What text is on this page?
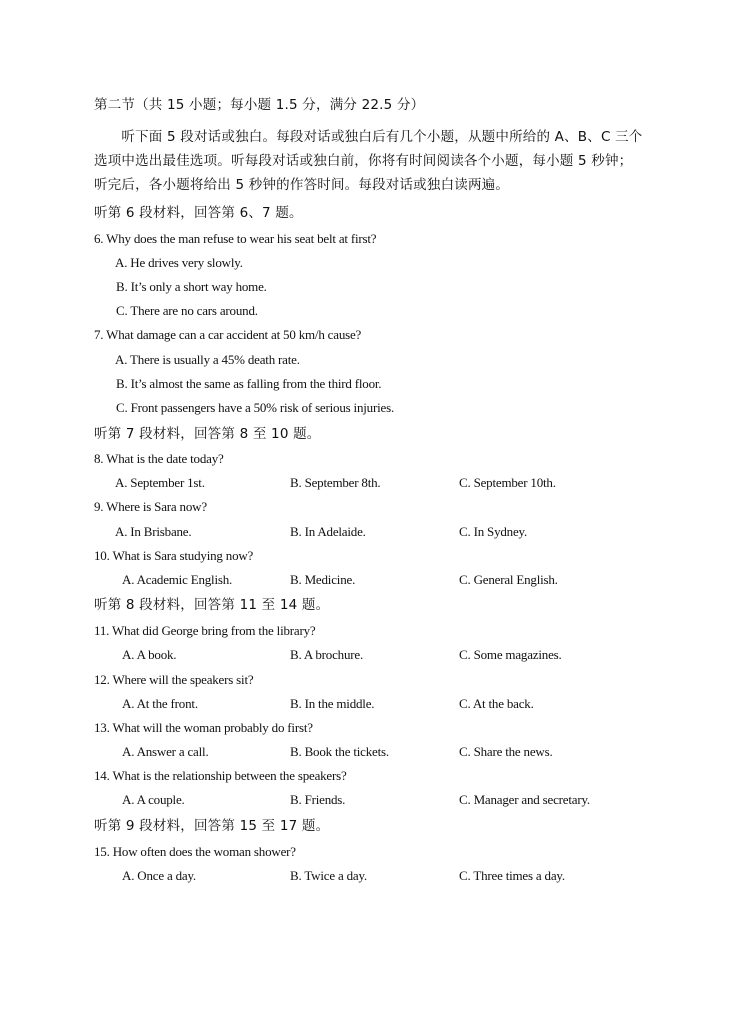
第二节（共 15 小题；每小题 1.5 分，满分 22.5 分）
　　听下面 5 段对话或独白。每段对话或独白后有几个小题，从题中所给的 A、B、C 三个
选项中选出最佳选项。听每段对话或独白前，你将有时间阅读各个小题，每小题 5 秒钟；
听完后，各小题将给出 5 秒钟的作答时间。每段对话或独白读两遍。
听第 6 段材料，回答第 6、7 题。
6. Why does the man refuse to wear his seat belt at first?
A. He drives very slowly.
B. It’s only a short way home.
C. There are no cars around.
7. What damage can a car accident at 50 km/h cause?
A. There is usually a 45% death rate.
B. It’s almost the same as falling from the third floor.
C. Front passengers have a 50% risk of serious injuries.
听第 7 段材料，回答第 8 至 10 题。
8. What is the date today?
A. September 1st.	B. September 8th.	C. September 10th.
9. Where is Sara now?
A. In Brisbane.	B. In Adelaide.	C. In Sydney.
10. What is Sara studying now?
A. Academic English.	B. Medicine.	C. General English.
听第 8 段材料，回答第 11 至 14 题。
11. What did George bring from the library?
A. A book.	B. A brochure.	C. Some magazines.
12. Where will the speakers sit?
A. At the front.	B. In the middle.	C. At the back.
13. What will the woman probably do first?
A. Answer a call.	B. Book the tickets.	C. Share the news.
14. What is the relationship between the speakers?
A. A couple.	B. Friends.	C. Manager and secretary.
听第 9 段材料，回答第 15 至 17 题。
15. How often does the woman shower?
A. Once a day.	B. Twice a day.	C. Three times a day.
